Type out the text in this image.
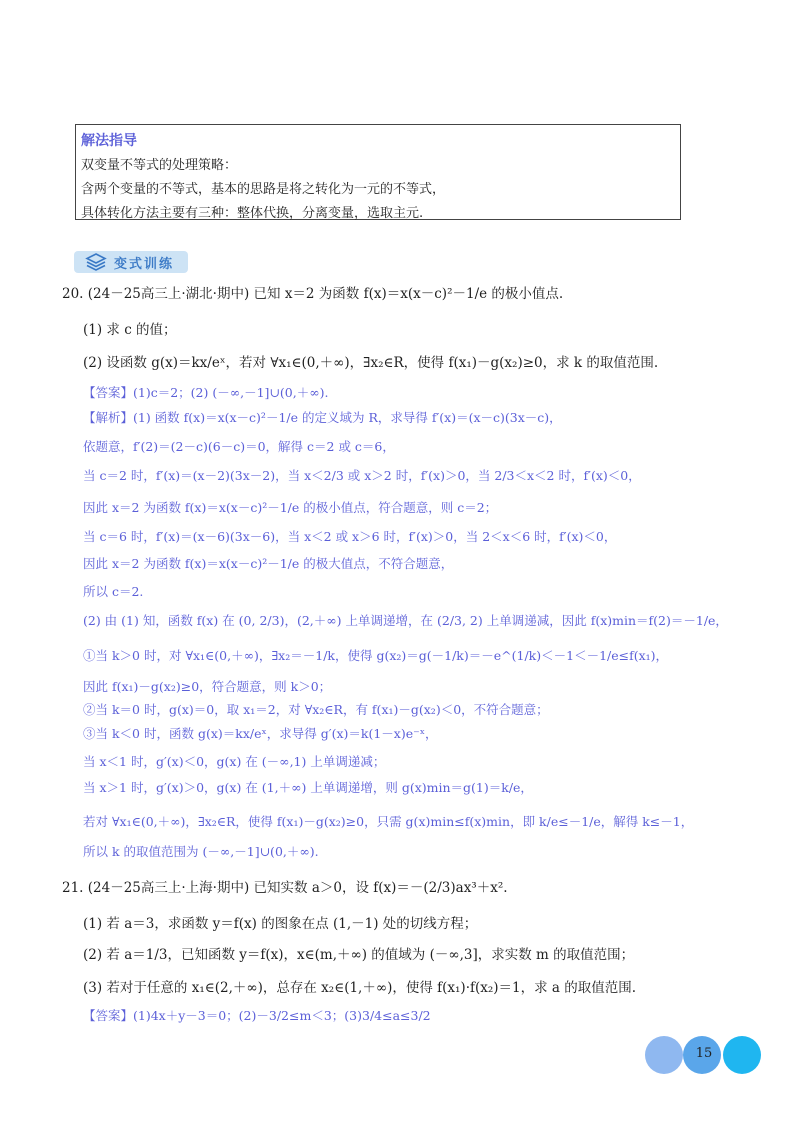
解法指导
双变量不等式的处理策略：
含两个变量的不等式，基本的思路是将之转化为一元的不等式，
具体转化方法主要有三种：整体代换，分离变量，选取主元.
变式训练
20. (24－25高三上·湖北·期中) 已知 x＝2 为函数 f(x)＝x(x－c)²－1/e 的极小值点.
(1) 求 c 的值；
(2) 设函数 g(x)＝kx/eˣ，若对 ∀x₁∈(0,＋∞)，∃x₂∈R，使得 f(x₁)－g(x₂)≥0，求 k 的取值范围.
【答案】(1)c＝2；(2) (－∞,－1]∪(0,＋∞).
【解析】(1) 函数 f(x)＝x(x－c)²－1/e 的定义域为 R，求导得 f′(x)＝(x－c)(3x－c)，
依题意，f′(2)＝(2－c)(6－c)＝0，解得 c＝2 或 c＝6，
当 c＝2 时，f′(x)＝(x－2)(3x－2)，当 x＜2/3 或 x＞2 时，f′(x)＞0，当 2/3＜x＜2 时，f′(x)＜0，
因此 x＝2 为函数 f(x)＝x(x－c)²－1/e 的极小值点，符合题意，则 c＝2；
当 c＝6 时，f′(x)＝(x－6)(3x－6)，当 x＜2 或 x＞6 时，f′(x)＞0，当 2＜x＜6 时，f′(x)＜0，
因此 x＝2 为函数 f(x)＝x(x－c)²－1/e 的极大值点，不符合题意，
所以 c＝2.
(2) 由 (1) 知，函数 f(x) 在 (0, 2/3)，(2,＋∞) 上单调递增，在 (2/3, 2) 上单调递减，因此 f(x)min＝f(2)＝－1/e，
①当 k＞0 时，对 ∀x₁∈(0,＋∞)，∃x₂＝－1/k，使得 g(x₂)＝g(－1/k)＝－e^(1/k)＜－1＜－1/e≤f(x₁)，
因此 f(x₁)－g(x₂)≥0，符合题意，则 k＞0；
②当 k＝0 时，g(x)＝0，取 x₁＝2，对 ∀x₂∈R，有 f(x₁)－g(x₂)＜0，不符合题意；
③当 k＜0 时，函数 g(x)＝kx/eˣ，求导得 g′(x)＝k(1－x)e⁻ˣ，
当 x＜1 时，g′(x)＜0，g(x) 在 (－∞,1) 上单调递减；
当 x＞1 时，g′(x)＞0，g(x) 在 (1,＋∞) 上单调递增，则 g(x)min＝g(1)＝k/e，
若对 ∀x₁∈(0,＋∞)，∃x₂∈R，使得 f(x₁)－g(x₂)≥0，只需 g(x)min≤f(x)min，即 k/e≤－1/e，解得 k≤－1，
所以 k 的取值范围为 (－∞,－1]∪(0,＋∞).
21. (24－25高三上·上海·期中) 已知实数 a＞0，设 f(x)＝－(2/3)ax³＋x².
(1) 若 a＝3，求函数 y＝f(x) 的图象在点 (1,－1) 处的切线方程；
(2) 若 a＝1/3，已知函数 y＝f(x)，x∈(m,＋∞) 的值域为 (－∞,3]，求实数 m 的取值范围；
(3) 若对于任意的 x₁∈(2,＋∞)，总存在 x₂∈(1,＋∞)，使得 f(x₁)·f(x₂)＝1，求 a 的取值范围.
【答案】(1)4x＋y－3＝0；(2)－3/2≤m＜3；(3)3/4≤a≤3/2
15
